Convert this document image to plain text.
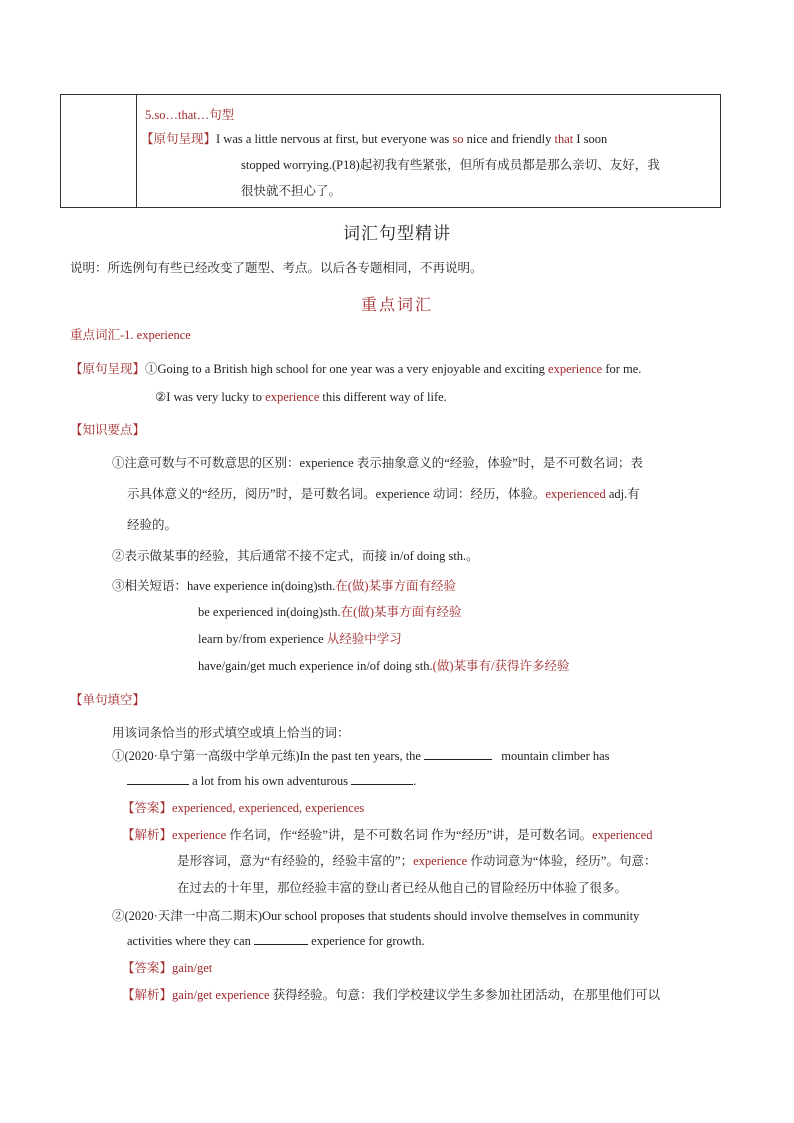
5.so…that…句型
【原句呈现】I was a little nervous at first, but everyone was so nice and friendly that I soon
stopped worrying.(P18)起初我有些紧张，但所有成员都是那么亲切、友好，我
很快就不担心了。
词汇句型精讲
说明：所选例句有些已经改变了题型、考点。以后各专题相同，不再说明。
重点词汇
重点词汇-1. experience
【原句呈现】①Going to a British high school for one year was a very enjoyable and exciting experience for me.
②I was very lucky to experience this different way of life.
【知识要点】
①注意可数与不可数意思的区别：experience 表示抽象意义的“经验，体验”时，是不可数名词；表
示具体意义的“经历，阅历”时，是可数名词。experience 动词：经历，体验。experienced adj.有
经验的。
②表示做某事的经验，其后通常不接不定式，而接 in/of doing sth.。
③相关短语：have experience in(doing)sth.在(做)某事方面有经验
be experienced in(doing)sth.在(做)某事方面有经验
learn by/from experience 从经验中学习
have/gain/get much experience in/of doing sth.(做)某事有/获得许多经验
【单句填空】
用该词条恰当的形式填空或填上恰当的词：
①(2020·阜宁第一高级中学单元练)In the past ten years, the	mountain climber has
a lot from his own adventurous	.
【答案】experienced, experienced, experiences
【解析】experience 作名词，作“经验”讲，是不可数名词 作为“经历”讲，是可数名词。experienced
是形容词，意为“有经验的，经验丰富的”；experience 作动词意为“体验，经历”。句意：
在过去的十年里，那位经验丰富的登山者已经从他自己的冒险经历中体验了很多。
②(2020·天津一中高二期末)Our school proposes that students should involve themselves in community
activities where they can	experience for growth.
【答案】gain/get
【解析】gain/get experience 获得经验。句意：我们学校建议学生多参加社团活动，在那里他们可以
